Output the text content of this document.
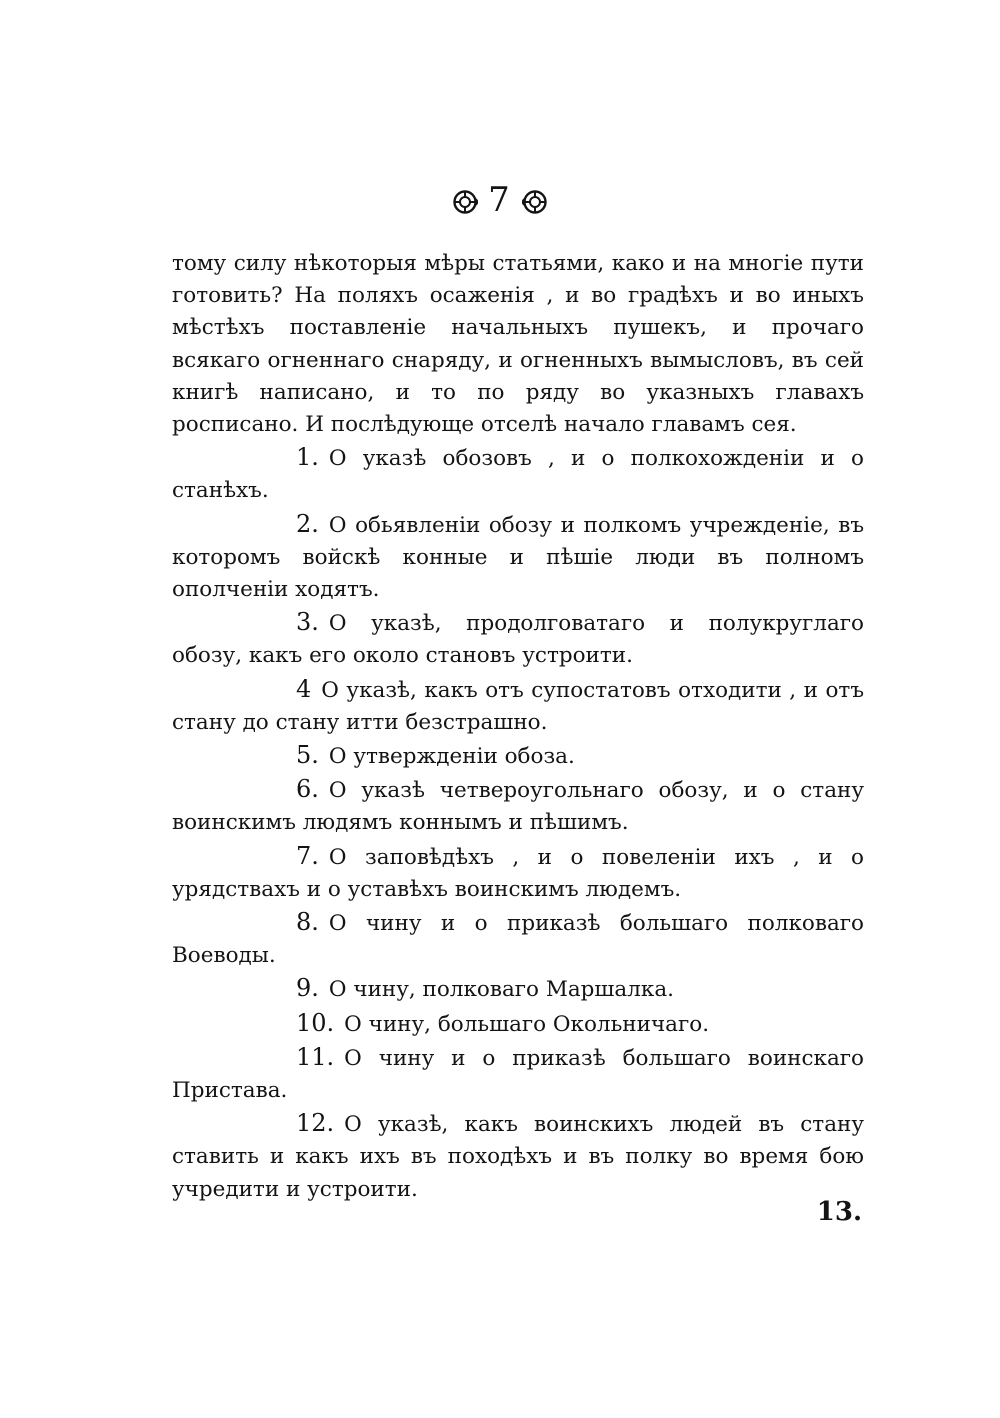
7

тому силу нѣкоторыя мѣры статьями, како и на многіе пути готовить? На поляхъ осаженія , и во градѣхъ и во иныхъ мѣстѣхъ поставленіе начальныхъ пушекъ, и прочаго всякаго огненнаго снаряду, и огненныхъ вымысловъ, въ сей книгѣ написано, и то по ряду во указныхъ главахъ росписано. И послѣдующе отселѣ начало главамъ сея.

1. О указѣ обозовъ , и о полкохожденіи и о станѣхъ.

2. О обьявленіи обозу и полкомъ учрежденіе, въ которомъ войскѣ конные и пѣшіе люди въ полномъ ополченіи ходятъ.

3. О указѣ, продолговатаго и полукруглаго обозу, какъ его около становъ устроити.

4 О указѣ, какъ отъ супостатовъ отходити , и отъ стану до стану итти безстрашно.

5. О утвержденіи обоза.

6. О указѣ четвероугольнаго обозу, и о стану воинскимъ людямъ коннымъ и пѣшимъ.

7. О заповѣдѣхъ , и о повеленіи ихъ , и о урядствахъ и о уставѣхъ воинскимъ людемъ.

8. О чину и о приказѣ большаго полковаго Воеводы.

9. О чину, полковаго Маршалка.

10. О чину, большаго Окольничаго.

11. О чину и о приказѣ большаго воинскаго Пристава.

12. О указѣ, какъ воинскихъ людей въ стану ставить и какъ ихъ въ походѣхъ и въ полку во время бою учредити и устроити.

13.
